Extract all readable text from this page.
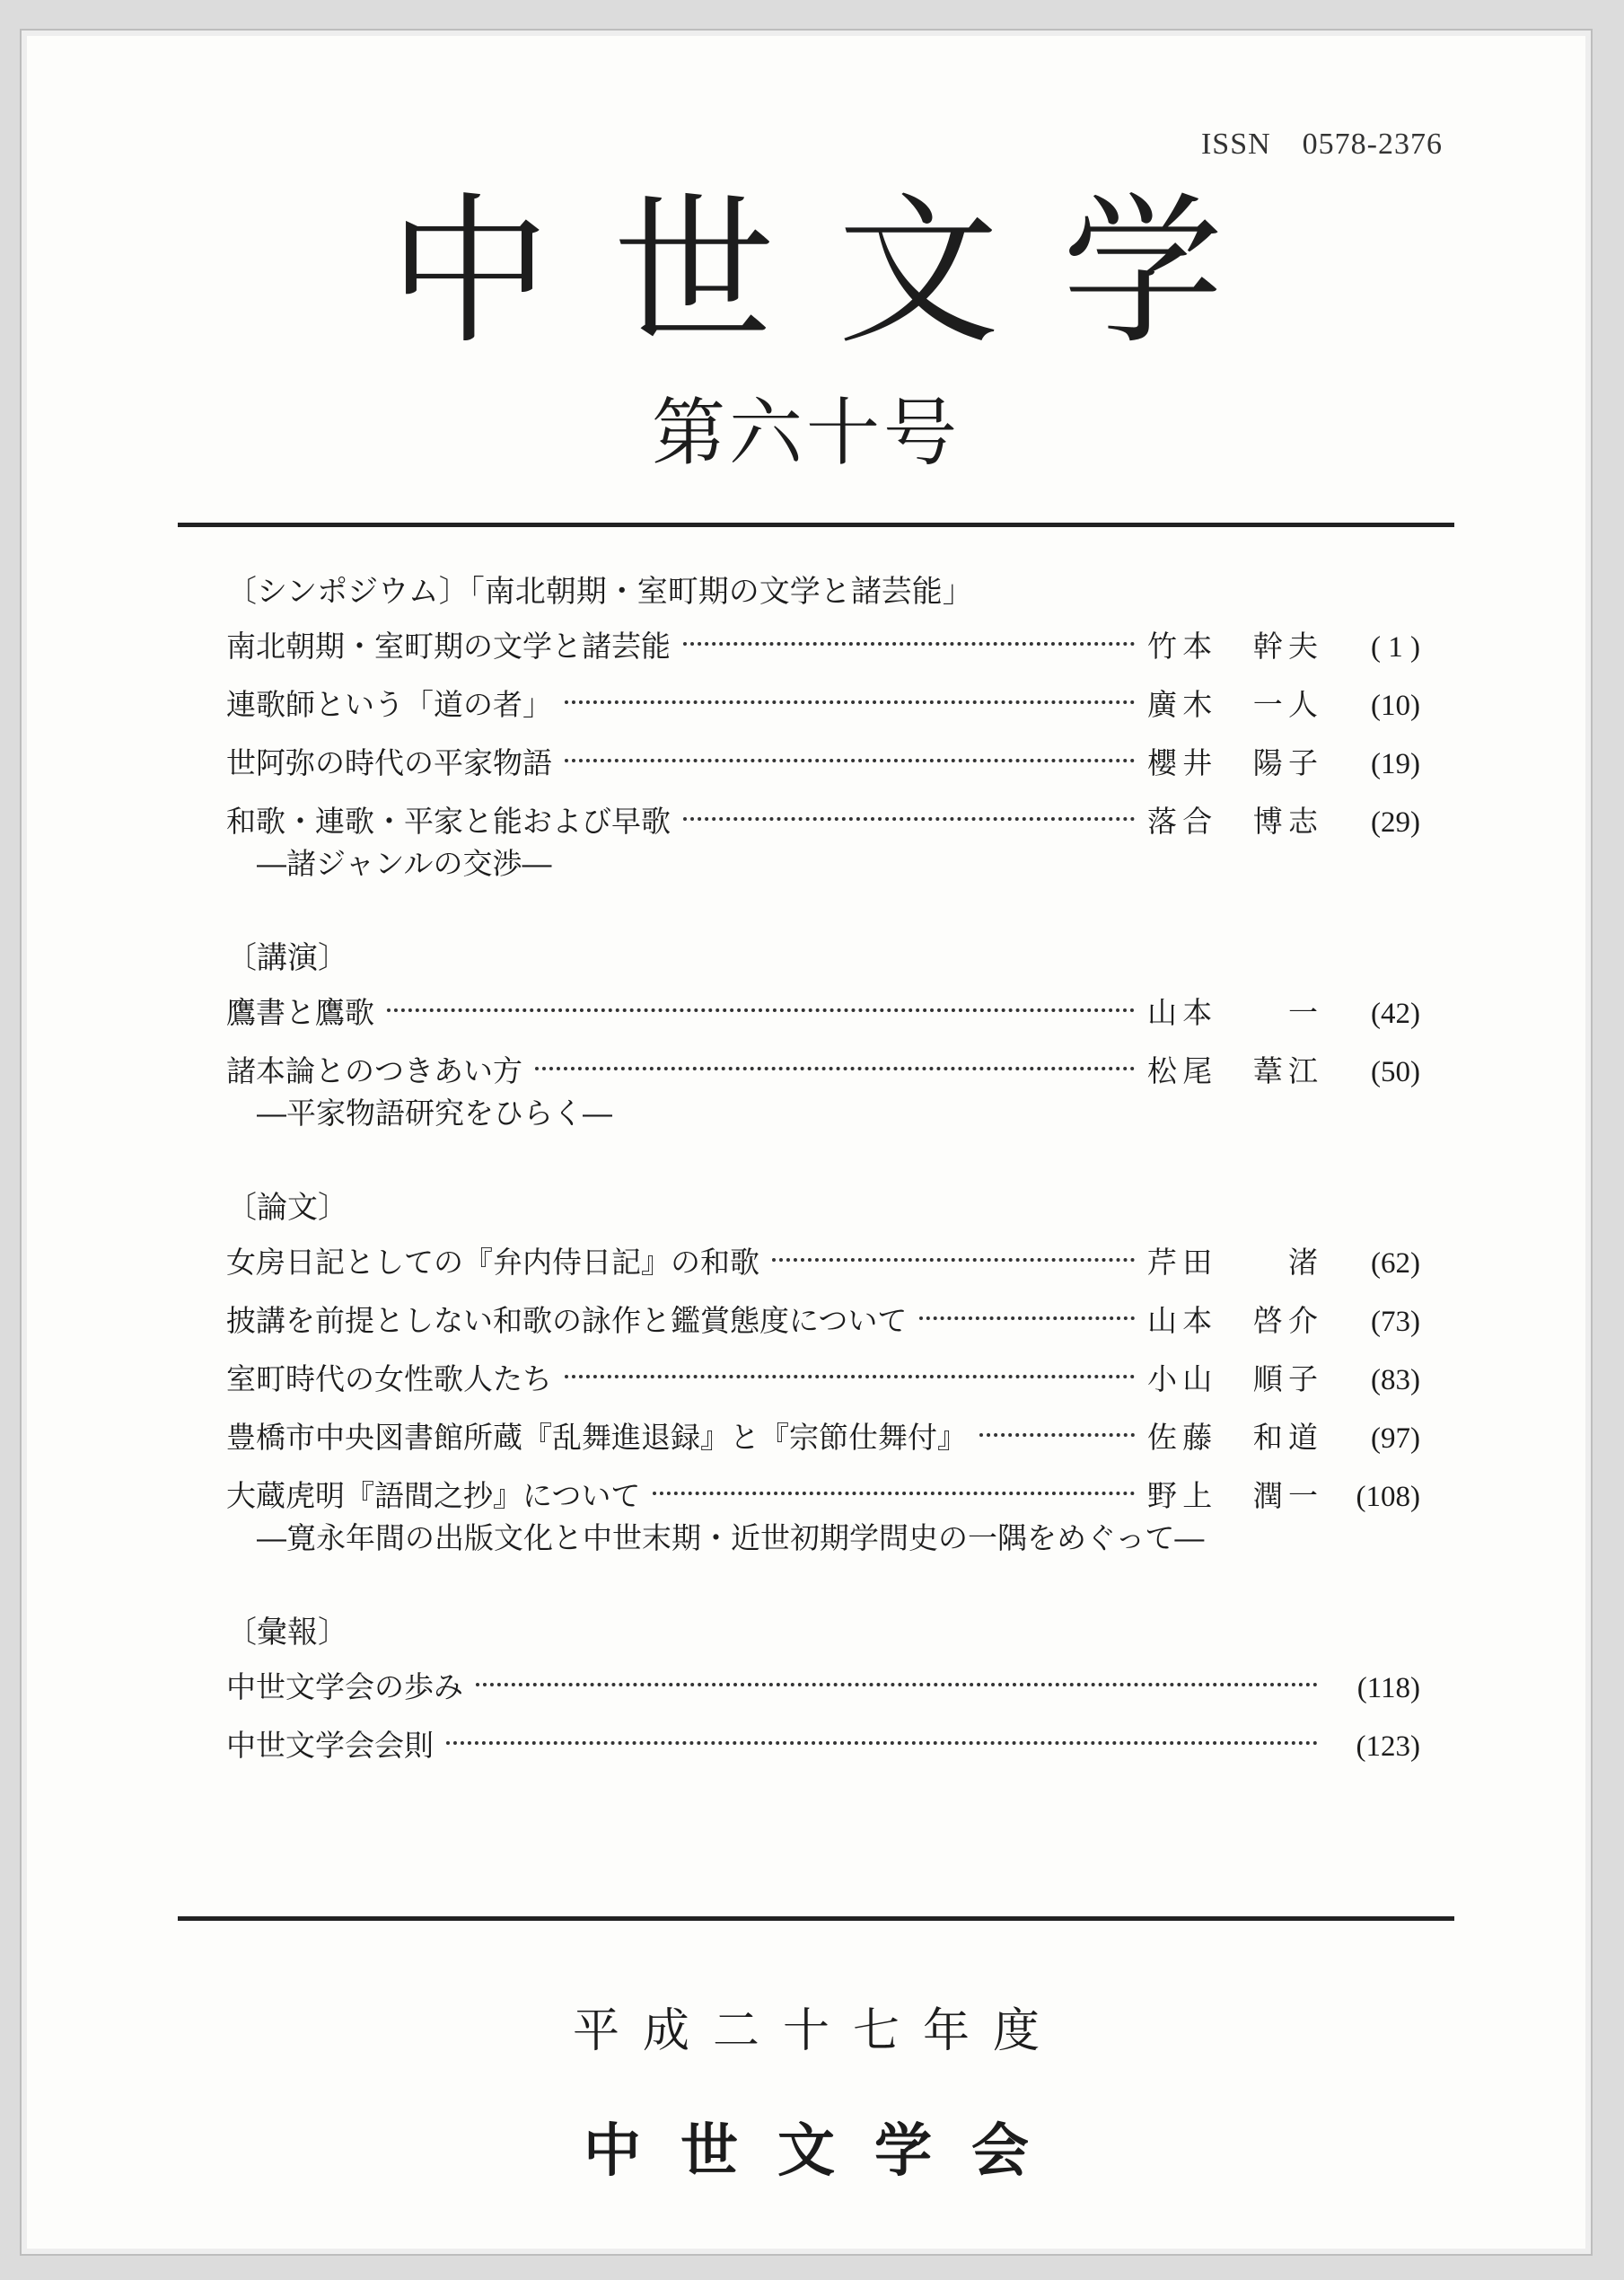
ISSN　0578-2376
中世文学
第六十号
〔シンポジウム〕「南北朝期・室町期の文学と諸芸能」
南北朝期・室町期の文学と諸芸能	竹本　幹夫	( 1 )
連歌師という「道の者」	廣木　一人	(10)
世阿弥の時代の平家物語	櫻井　陽子	(19)
和歌・連歌・平家と能および早歌	落合　博志	(29)
―諸ジャンルの交渉―
〔講演〕
鷹書と鷹歌	山本　　一	(42)
諸本論とのつきあい方	松尾　葦江	(50)
―平家物語研究をひらく―
〔論文〕
女房日記としての『弁内侍日記』の和歌	芹田　　渚	(62)
披講を前提としない和歌の詠作と鑑賞態度について	山本　啓介	(73)
室町時代の女性歌人たち	小山　順子	(83)
豊橋市中央図書館所蔵『乱舞進退録』と『宗節仕舞付』	佐藤　和道	(97)
大蔵虎明『語間之抄』について	野上　潤一	(108)
―寛永年間の出版文化と中世末期・近世初期学問史の一隅をめぐって―
〔彙報〕
中世文学会の歩み	(118)
中世文学会会則	(123)
平成二十七年度
中世文学会
